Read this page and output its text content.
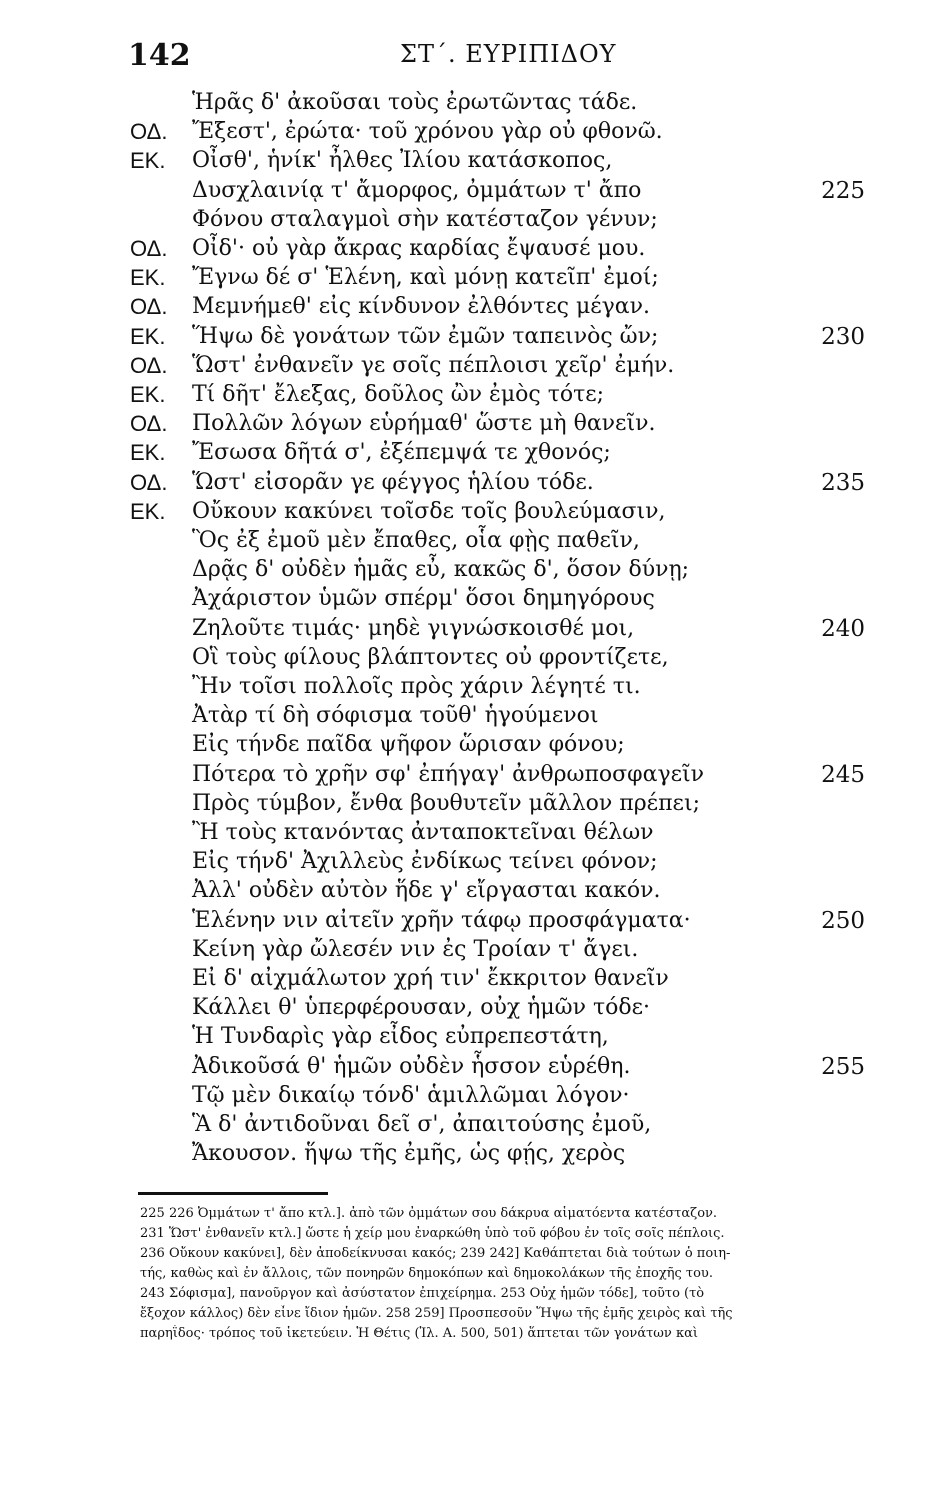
142	ΣΤ΄. ΕΥΡΙΠΙΔΟΥ
Ἡρᾶς δ' ἀκοῦσαι τοὺς ἐρωτῶντας τάδε.
ΟΔ. Ἔξεστ', ἐρώτα· τοῦ χρόνου γὰρ οὐ φθονῶ.
ΕΚ. Οἶσθ', ἡνίκ' ἦλθες Ἰλίου κατάσκοπος,
Δυσχλαινίᾳ τ' ἄμορφος, ὀμμάτων τ' ἄπο	225
Φόνου σταλαγμοὶ σὴν κατέσταζον γένυν;
ΟΔ. Οἶδ'· οὐ γὰρ ἄκρας καρδίας ἔψαυσέ μου.
ΕΚ. Ἔγνω δέ σ' Ἑλένη, καὶ μόνῃ κατεῖπ' ἐμοί;
ΟΔ. Μεμνήμεθ' εἰς κίνδυνον ἐλθόντες μέγαν.
ΕΚ. Ἥψω δὲ γονάτων τῶν ἐμῶν ταπεινὸς ὤν;	230
ΟΔ. Ὥστ' ἐνθανεῖν γε σοῖς πέπλοισι χεῖρ' ἐμήν.
ΕΚ. Τί δῆτ' ἔλεξας, δοῦλος ὢν ἐμὸς τότε;
ΟΔ. Πολλῶν λόγων εὑρήμαθ' ὥστε μὴ θανεῖν.
ΕΚ. Ἔσωσα δῆτά σ', ἐξέπεμψά τε χθονός;
ΟΔ. Ὥστ' εἰσορᾶν γε φέγγος ἡλίου τόδε.	235
ΕΚ. Οὔκουν κακύνει τοῖσδε τοῖς βουλεύμασιν,
Ὃς ἐξ ἐμοῦ μὲν ἔπαθες, οἷα φῂς παθεῖν,
Δρᾷς δ' οὐδὲν ἡμᾶς εὖ, κακῶς δ', ὅσον δύνῃ;
Ἀχάριστον ὑμῶν σπέρμ' ὅσοι δημηγόρους
Ζηλοῦτε τιμάς· μηδὲ γιγνώσκοισθέ μοι,	240
Οἳ τοὺς φίλους βλάπτοντες οὐ φροντίζετε,
Ἢν τοῖσι πολλοῖς πρὸς χάριν λέγητέ τι.
Ἀτὰρ τί δὴ σόφισμα τοῦθ' ἡγούμενοι
Εἰς τήνδε παῖδα ψῆφον ὥρισαν φόνου;
Πότερα τὸ χρῆν σφ' ἐπήγαγ' ἀνθρωποσφαγεῖν	245
Πρὸς τύμβον, ἔνθα βουθυτεῖν μᾶλλον πρέπει;
Ἢ τοὺς κτανόντας ἀνταποκτεῖναι θέλων
Εἰς τήνδ' Ἀχιλλεὺς ἐνδίκως τείνει φόνον;
Ἀλλ' οὐδὲν αὐτὸν ἥδε γ' εἴργασται κακόν.
Ἑλένην νιν αἰτεῖν χρῆν τάφῳ προσφάγματα·	250
Κείνη γὰρ ὤλεσέν νιν ἐς Τροίαν τ' ἄγει.
Εἰ δ' αἰχμάλωτον χρή τιν' ἔκκριτον θανεῖν
Κάλλει θ' ὑπερφέρουσαν, οὐχ ἡμῶν τόδε·
Ἡ Τυνδαρὶς γὰρ εἶδος εὐπρεπεστάτη,
Ἀδικοῦσά θ' ἡμῶν οὐδὲν ἧσσον εὑρέθη.	255
Τῷ μὲν δικαίῳ τόνδ' ἁμιλλῶμαι λόγον·
Ἃ δ' ἀντιδοῦναι δεῖ σ', ἀπαιτούσης ἐμοῦ,
Ἄκουσον. ἥψω τῆς ἐμῆς, ὡς φῄς, χερὸς
225 226 Ὀμμάτων τ' ἄπο κτλ.]. ἀπὸ τῶν ὀμμάτων σου δάκρυα αἱματόεντα κατέσταζον.
231 Ὥστ' ἐνθανεῖν κτλ.] ὥστε ἡ χείρ μου ἐναρκώθη ὑπὸ τοῦ φόβου ἐν τοῖς σοῖς πέπλοις.
236 Οὔκουν κακύνει], δὲν ἀποδείκνυσαι κακός; 239 242] Καθάπτεται διὰ τούτων ὁ ποιη-
τής, καθὼς καὶ ἐν ἄλλοις, τῶν πονηρῶν δημοκόπων καὶ δημοκολάκων τῆς ἐποχῆς του.
243 Σόφισμα], πανοῦργον καὶ ἀσύστατον ἐπιχείρημα. 253 Οὐχ ἡμῶν τόδε], τοῦτο (τὸ
ἔξοχον κάλλος) δὲν εἶνε ἴδιον ἡμῶν. 258 259] Προσπεσοῦν Ἥψω τῆς ἐμῆς χειρὸς καὶ τῆς
παρηΐδος· τρόπος τοῦ ἱκετεύειν. Ἡ Θέτις (Ἰλ. Α. 500, 501) ἅπτεται τῶν γονάτων καὶ
